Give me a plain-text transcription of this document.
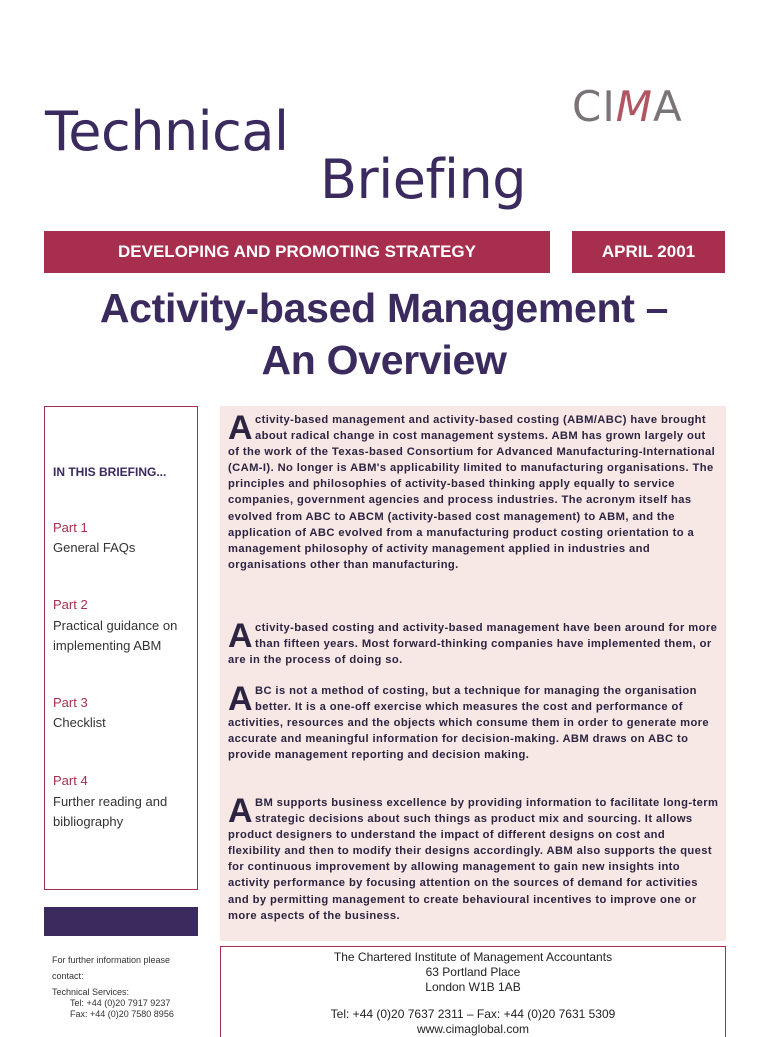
CIMA
Technical
Briefing
DEVELOPING AND PROMOTING STRATEGY	APRIL 2001
Activity-based Management –
An Overview
IN THIS BRIEFING...
Part 1
General FAQs
Part 2
Practical guidance on implementing ABM
Part 3
Checklist
Part 4
Further reading and bibliography
For further information please
contact:
Technical Services:
Tel: +44 (0)20 7917 9237
Fax: +44 (0)20 7580 8956
Activity-based management and activity-based costing (ABM/ABC) have brought about radical change in cost management systems. ABM has grown largely out of the work of the Texas-based Consortium for Advanced Manufacturing-International (CAM-I). No longer is ABM's applicability limited to manufacturing organisations. The principles and philosophies of activity-based thinking apply equally to service companies, government agencies and process industries. The acronym itself has evolved from ABC to ABCM (activity-based cost management) to ABM, and the application of ABC evolved from a manufacturing product costing orientation to a management philosophy of activity management applied in industries and organisations other than manufacturing.
Activity-based costing and activity-based management have been around for more than fifteen years. Most forward-thinking companies have implemented them, or are in the process of doing so.
ABC is not a method of costing, but a technique for managing the organisation better. It is a one-off exercise which measures the cost and performance of activities, resources and the objects which consume them in order to generate more accurate and meaningful information for decision-making. ABM draws on ABC to provide management reporting and decision making.
ABM supports business excellence by providing information to facilitate long-term strategic decisions about such things as product mix and sourcing. It allows product designers to understand the impact of different designs on cost and flexibility and then to modify their designs accordingly. ABM also supports the quest for continuous improvement by allowing management to gain new insights into activity performance by focusing attention on the sources of demand for activities and by permitting management to create behavioural incentives to improve one or more aspects of the business.
The Chartered Institute of Management Accountants
63 Portland Place
London W1B 1AB
Tel: +44 (0)20 7637 2311 – Fax: +44 (0)20 7631 5309
www.cimaglobal.com
